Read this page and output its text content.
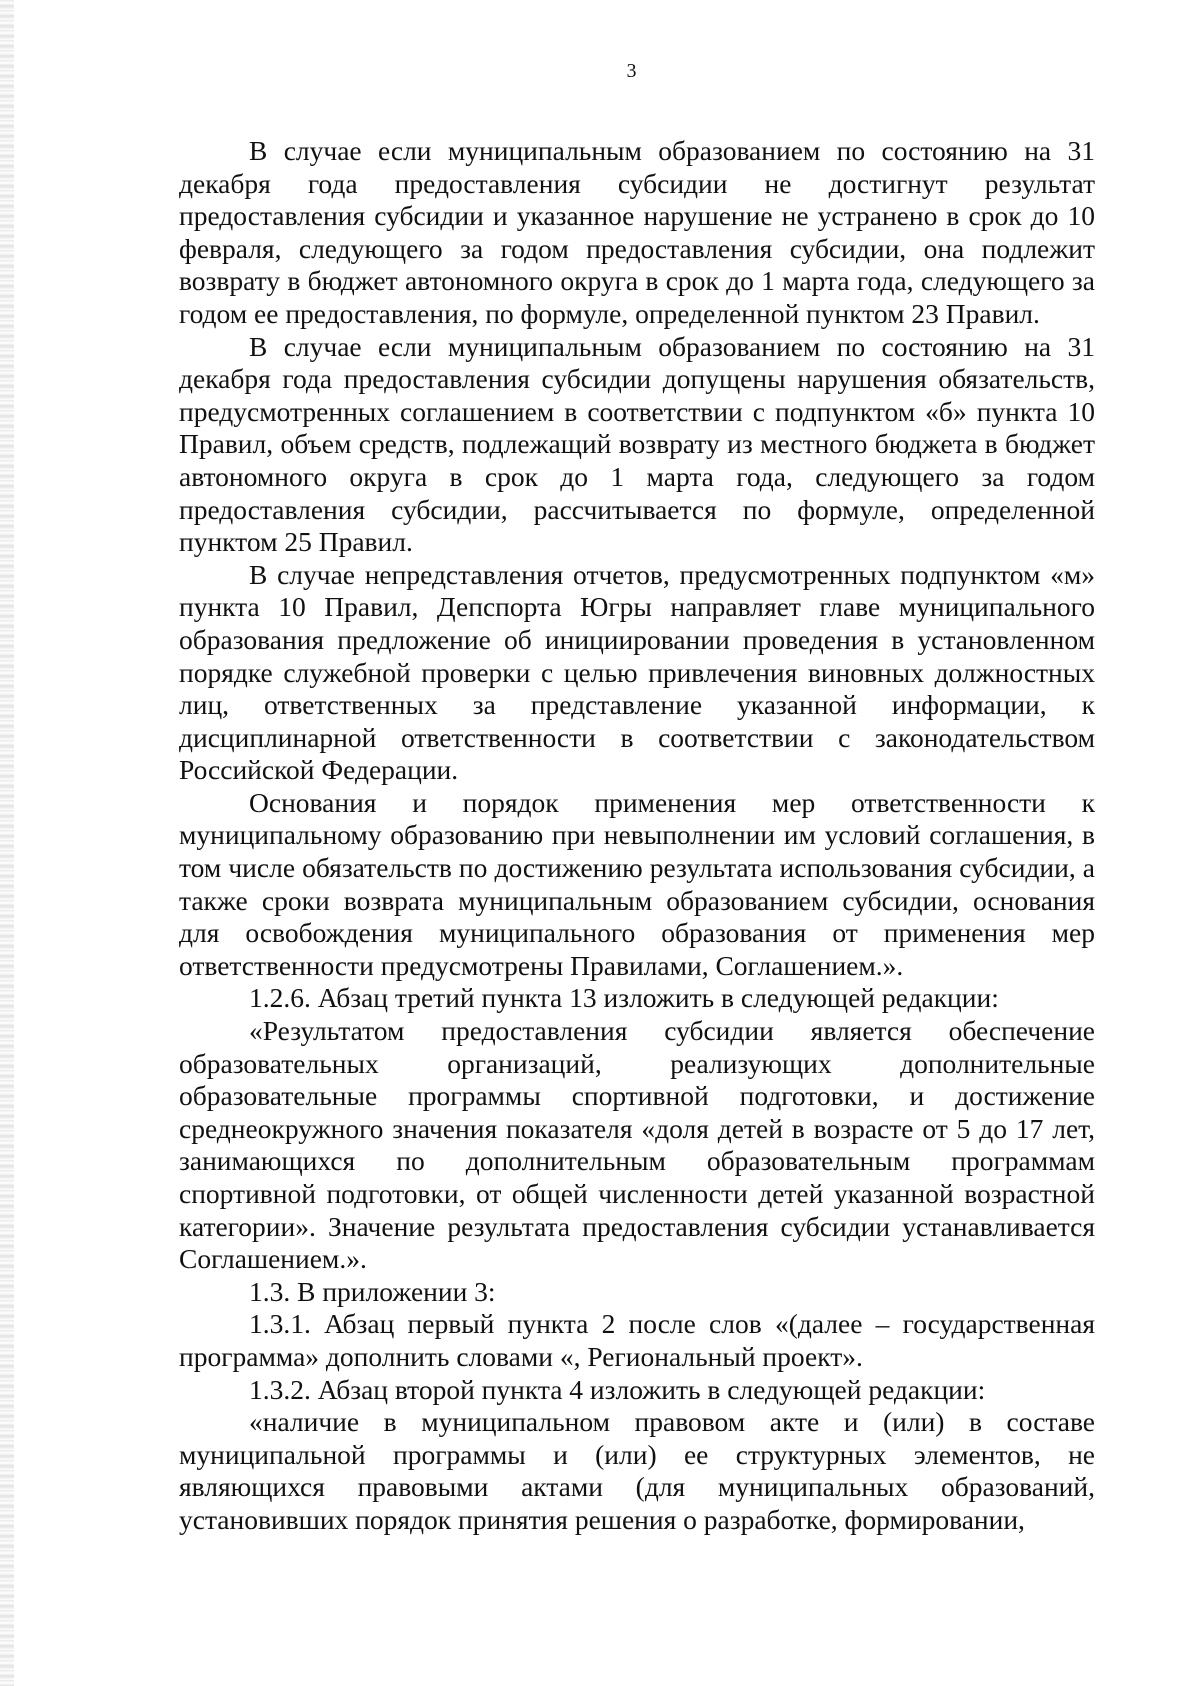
3

В случае если муниципальным образованием по состоянию на 31 декабря года предоставления субсидии не достигнут результат предоставления субсидии и указанное нарушение не устранено в срок до 10 февраля, следующего за годом предоставления субсидии, она подлежит возврату в бюджет автономного округа в срок до 1 марта года, следующего за годом ее предоставления, по формуле, определенной пунктом 23 Правил.

В случае если муниципальным образованием по состоянию на 31 декабря года предоставления субсидии допущены нарушения обязательств, предусмотренных соглашением в соответствии с подпунктом «б» пункта 10 Правил, объем средств, подлежащий возврату из местного бюджета в бюджет автономного округа в срок до 1 марта года, следующего за годом предоставления субсидии, рассчитывается по формуле, определенной пунктом 25 Правил.

В случае непредставления отчетов, предусмотренных подпунктом «м» пункта 10 Правил, Депспорта Югры направляет главе муниципального образования предложение об инициировании проведения в установленном порядке служебной проверки с целью привлечения виновных должностных лиц, ответственных за представление указанной информации, к дисциплинарной ответственности в соответствии с законодательством Российской Федерации.

Основания и порядок применения мер ответственности к муниципальному образованию при невыполнении им условий соглашения, в том числе обязательств по достижению результата использования субсидии, а также сроки возврата муниципальным образованием субсидии, основания для освобождения муниципального образования от применения мер ответственности предусмотрены Правилами, Соглашением.».

1.2.6. Абзац третий пункта 13 изложить в следующей редакции:

«Результатом предоставления субсидии является обеспечение образовательных организаций, реализующих дополнительные образовательные программы спортивной подготовки, и достижение среднеокружного значения показателя «доля детей в возрасте от 5 до 17 лет, занимающихся по дополнительным образовательным программам спортивной подготовки, от общей численности детей указанной возрастной категории». Значение результата предоставления субсидии устанавливается Соглашением.».

1.3. В приложении 3:

1.3.1. Абзац первый пункта 2 после слов «(далее – государственная программа» дополнить словами «, Региональный проект».

1.3.2. Абзац второй пункта 4 изложить в следующей редакции:

«наличие в муниципальном правовом акте и (или) в составе муниципальной программы и (или) ее структурных элементов, не являющихся правовыми актами (для муниципальных образований, установивших порядок принятия решения о разработке, формировании,
